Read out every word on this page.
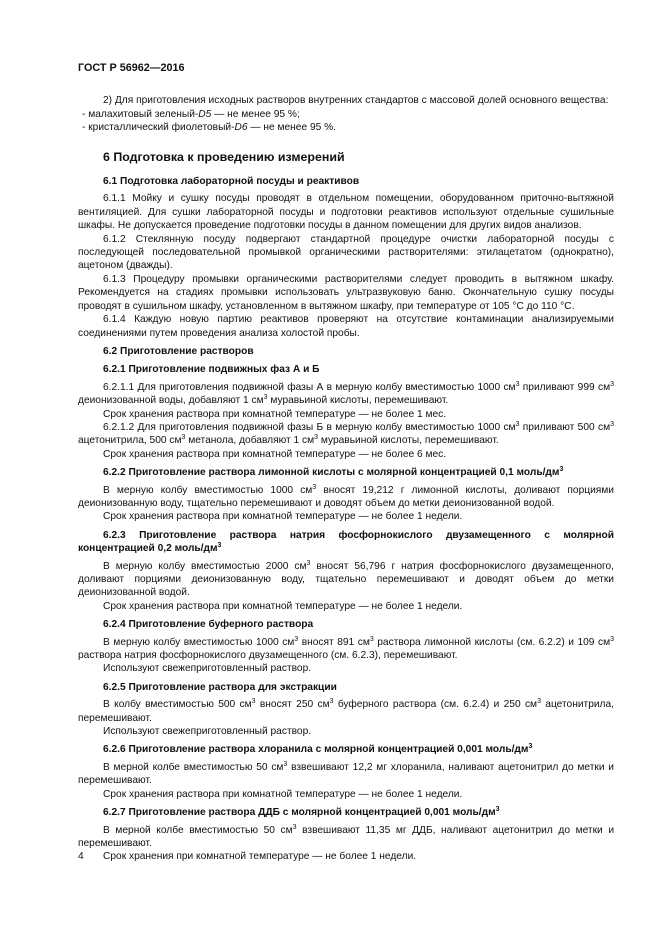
ГОСТ Р 56962—2016

2) Для приготовления исходных растворов внутренних стандартов с массовой долей основного вещества:

- малахитовый зеленый-D5 — не менее 95 %;

- кристаллический фиолетовый-D6 — не менее 95 %.

6 Подготовка к проведению измерений
6.1 Подготовка лабораторной посуды и реактивов

6.1.1 Мойку и сушку посуды проводят в отдельном помещении, оборудованном приточно-вытяжной вентиляцией. Для сушки лабораторной посуды и подготовки реактивов используют отдельные сушильные шкафы. Не допускается проведение подготовки посуды в данном помещении для других видов анализов.

6.1.2 Стеклянную посуду подвергают стандартной процедуре очистки лабораторной посуды с последующей последовательной промывкой органическими растворителями: этилацетатом (однократно), ацетоном (дважды).

6.1.3 Процедуру промывки органическими растворителями следует проводить в вытяжном шкафу. Рекомендуется на стадиях промывки использовать ультразвуковую баню. Окончательную сушку посуды проводят в сушильном шкафу, установленном в вытяжном шкафу, при температуре от 105 °C до 110 °C.

6.1.4 Каждую новую партию реактивов проверяют на отсутствие контаминации анализируемыми соединениями путем проведения анализа холостой пробы.

6.2 Приготовление растворов
6.2.1 Приготовление подвижных фаз А и Б

6.2.1.1 Для приготовления подвижной фазы А в мерную колбу вместимостью 1000 $см^3$ приливают 999 $см^3$ деионизованной воды, добавляют 1 $см^3$ муравьиной кислоты, перемешивают.

Срок хранения раствора при комнатной температуре — не более 1 мес.

6.2.1.2 Для приготовления подвижной фазы Б в мерную колбу вместимостью 1000 $см^3$ приливают 500 $см^3$ ацетонитрила, 500 $см^3$ метанола, добавляют 1 $см^3$ муравьиной кислоты, перемешивают.

Срок хранения раствора при комнатной температуре — не более 6 мес.

6.2.2 Приготовление раствора лимонной кислоты с молярной концентрацией 0,1 моль/$дм^3$

В мерную колбу вместимостью 1000 $см^3$ вносят 19,212 г лимонной кислоты, доливают порциями деионизованную воду, тщательно перемешивают и доводят объем до метки деионизованной водой.

Срок хранения раствора при комнатной температуре — не более 1 недели.

6.2.3 Приготовление раствора натрия фосфорнокислого двузамещенного с молярной концентрацией 0,2 моль/$дм^3$

В мерную колбу вместимостью 2000 $см^3$ вносят 56,796 г натрия фосфорнокислого двузамещенного, доливают порциями деионизованную воду, тщательно перемешивают и доводят объем до метки деионизованной водой.

Срок хранения раствора при комнатной температуре — не более 1 недели.

6.2.4 Приготовление буферного раствора

В мерную колбу вместимостью 1000 $см^3$ вносят 891 $см^3$ раствора лимонной кислоты (см. 6.2.2) и 109 $см^3$ раствора натрия фосфорнокислого двузамещенного (см. 6.2.3), перемешивают.

Используют свежеприготовленный раствор.

6.2.5 Приготовление раствора для экстракции

В колбу вместимостью 500 $см^3$ вносят 250 $см^3$ буферного раствора (см. 6.2.4) и 250 $см^3$ ацетонитрила, перемешивают.

Используют свежеприготовленный раствор.

6.2.6 Приготовление раствора хлоранила с молярной концентрацией 0,001 моль/$дм^3$

В мерной колбе вместимостью 50 $см^3$ взвешивают 12,2 мг хлоранила, наливают ацетонитрил до метки и перемешивают.

Срок хранения раствора при комнатной температуре — не более 1 недели.

6.2.7 Приготовление раствора ДДБ с молярной концентрацией 0,001 моль/$дм^3$

В мерной колбе вместимостью 50 $см^3$ взвешивают 11,35 мг ДДБ, наливают ацетонитрил до метки и перемешивают.

Срок хранения при комнатной температуре — не более 1 недели.

4
